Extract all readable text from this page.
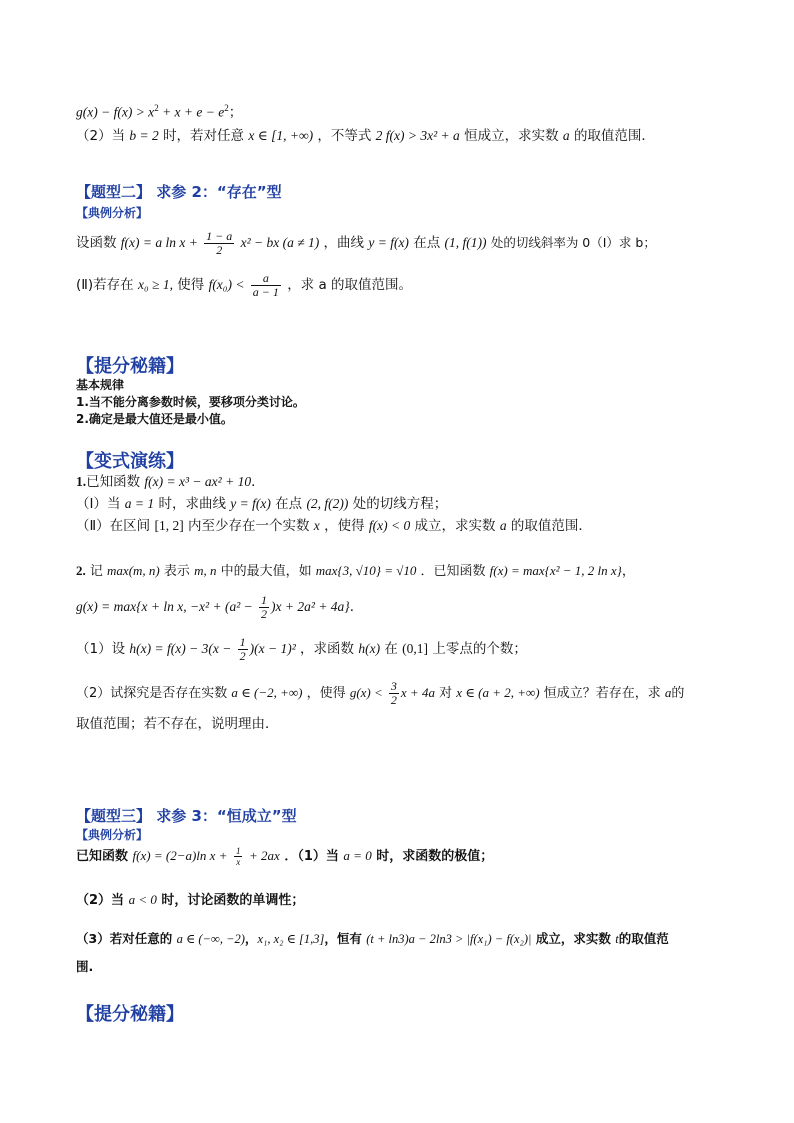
$g(x) - f(x) > x^2 + x + e - e^2$；
（2）当 b = 2 时，若对任意 x ∈ [1, +∞) ，不等式 2 f(x) > 3x² + a 恒成立，求实数 a 的取值范围．
【题型二】 求参 2：“存在”型
【典例分析】
设函数 f(x) = a $\ln x + \frac{1 - a}{2} x^2$ − bx (a ≠ 1) ，曲线 y = f(x) 在点 (1, f(1)) 处的切线斜率为 0（Ⅰ）求 b；
(Ⅱ)若存在 x₀ ≥ 1, 使得 $f(x_0) < \frac{a}{a - 1}$ ，求 a 的取值范围。
【提分秘籍】
基本规律
1.当不能分离参数时候，要移项分类讨论。
2.确定是最大值还是最小值。
【变式演练】
1.已知函数 f(x) = x³ − ax² + 10．
（Ⅰ）当 a = 1 时，求曲线 y = f(x) 在点 (2, f(2)) 处的切线方程；
（Ⅱ）在区间 [1, 2] 内至少存在一个实数 x ，使得 f(x) < 0 成立，求实数 a 的取值范围．
2. 记 max(m, n) 表示 m, n 中的最大值，如 max{3, √10} = √10 ．已知函数 f(x) = max{x² − 1, 2 ln x}，
g(x) = max{x + ln x, $-x^2 + (a^2 - \frac{1}{2} )x + 2a^2 + 4a$}．
（1）设 $h(x) = f(x) - 3(x - \frac{1}{2} )(x - 1)^2$ ，求函数 h(x) 在 (0,1] 上零点的个数；
（2）试探究是否存在实数 a ∈ (−2, +∞) ，使得 $g(x) < \frac{3}{2}$ x + 4a 对 x ∈ (a + 2, +∞) 恒成立？若存在，求 a的
取值范围；若不存在，说明理由．
【题型三】 求参 3：“恒成立”型
【典例分析】
已知函数 f(x) = (2−a)ln $x + \frac{1}{x} + 2ax$ ．（1）当 a = 0 时，求函数的极值；
（2）当 a < 0 时，讨论函数的单调性；
（3）若对任意的 a ∈ (−∞, −2)，x₁, x₂ ∈ [1,3]，恒有 (t + ln3)a − 2ln3 > |f(x₁) − f(x₂)| 成立，求实数 t的取值范
围.
【提分秘籍】
